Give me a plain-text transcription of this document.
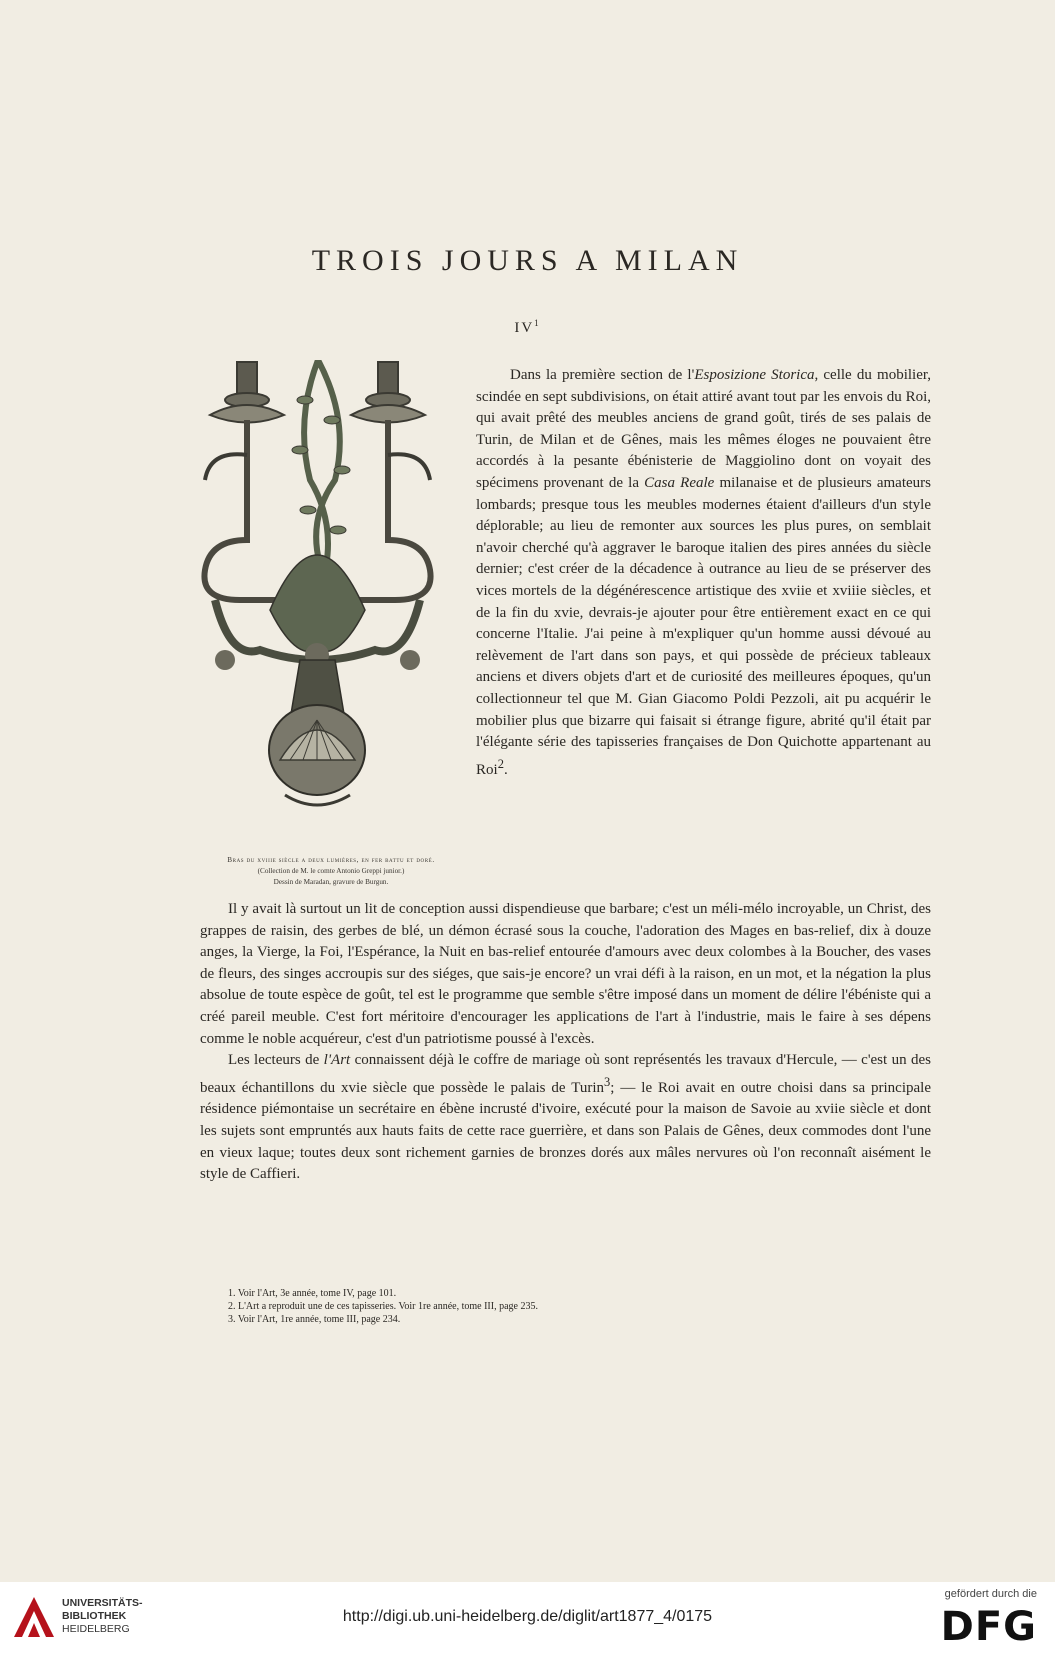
TROIS JOURS A MILAN
$IV^1$
Bras du xviiie siècle a deux lumières, en fer battu et doré.
(Collection de M. le comte Antonio Greppi junior.)
Dessin de Maradan, gravure de Burgun.

Dans la première section de l'Esposizione Storica, celle du mobilier, scindée en sept subdivisions, on était attiré avant tout par les envois du Roi, qui avait prêté des meubles anciens de grand goût, tirés de ses palais de Turin, de Milan et de Gênes, mais les mêmes éloges ne pouvaient être accordés à la pesante ébénisterie de Maggiolino dont on voyait des spécimens provenant de la Casa Reale milanaise et de plusieurs amateurs lombards; presque tous les meubles modernes étaient d'ailleurs d'un style déplorable; au lieu de remonter aux sources les plus pures, on semblait n'avoir cherché qu'à aggraver le baroque italien des pires années du siècle dernier; c'est créer de la décadence à outrance au lieu de se préserver des vices mortels de la dégénérescence artistique des xviie et xviiie siècles, et de la fin du xvie, devrais-je ajouter pour être entièrement exact en ce qui concerne l'Italie. J'ai peine à m'expliquer qu'un homme aussi dévoué au relèvement de l'art dans son pays, et qui possède de précieux tableaux anciens et divers objets d'art et de curiosité des meilleures époques, qu'un collectionneur tel que M. Gian Giacomo Poldi Pezzoli, ait pu acquérir le mobilier plus que bizarre qui faisait si étrange figure, abrité qu'il était par l'élégante série des tapisseries françaises de Don Quichotte appartenant au Roi$^2$.

Il y avait là surtout un lit de conception aussi dispendieuse que barbare; c'est un méli-mélo incroyable, un Christ, des grappes de raisin, des gerbes de blé, un démon écrasé sous la couche, l'adoration des Mages en bas-relief, dix à douze anges, la Vierge, la Foi, l'Espérance, la Nuit en bas-relief entourée d'amours avec deux colombes à la Boucher, des vases de fleurs, des singes accroupis sur des siéges, que sais-je encore? un vrai défi à la raison, en un mot, et la négation la plus absolue de toute espèce de goût, tel est le programme que semble s'être imposé dans un moment de délire l'ébéniste qui a créé pareil meuble. C'est fort méritoire d'encourager les applications de l'art à l'industrie, mais le faire à ses dépens comme le noble acquéreur, c'est d'un patriotisme poussé à l'excès.

Les lecteurs de l'Art connaissent déjà le coffre de mariage où sont représentés les travaux d'Hercule, — c'est un des beaux échantillons du xvie siècle que possède le palais de Turin$^3$; — le Roi avait en outre choisi dans sa principale résidence piémontaise un secrétaire en ébène incrusté d'ivoire, exécuté pour la maison de Savoie au xviie siècle et dont les sujets sont empruntés aux hauts faits de cette race guerrière, et dans son Palais de Gênes, deux commodes dont l'une en vieux laque; toutes deux sont richement garnies de bronzes dorés aux mâles nervures où l'on reconnaît aisément le style de Caffieri.

1. Voir l'Art, 3e année, tome IV, page 101.
2. L'Art a reproduit une de ces tapisseries. Voir 1re année, tome III, page 235.
3. Voir l'Art, 1re année, tome III, page 234.
UNIVERSITÄTS-
BIBLIOTHEK
HEIDELBERG
http://digi.ub.uni-heidelberg.de/diglit/art1877_4/0175
gefördert durch die
DFG
